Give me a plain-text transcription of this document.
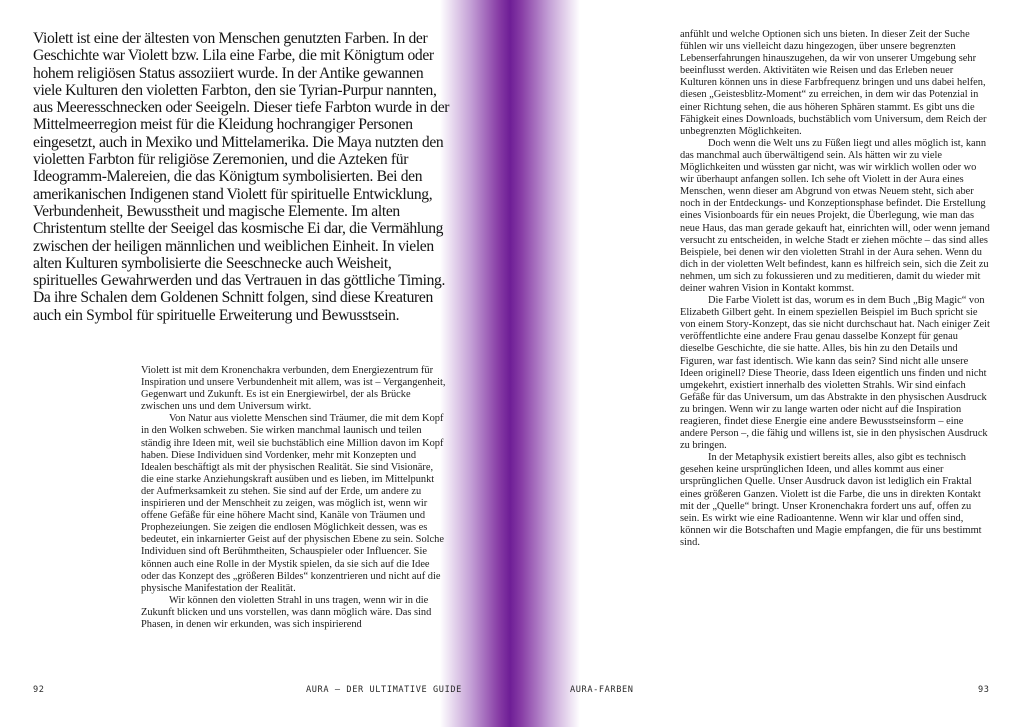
Violett ist eine der ältesten von Menschen genutzten Farben. In der Geschichte war Violett bzw. Lila eine Farbe, die mit Königtum oder hohem religiösen Status assoziiert wurde. In der Antike gewannen viele Kulturen den violetten Farbton, den sie Tyrian-Purpur nannten, aus Meeresschnecken oder Seeigeln. Dieser tiefe Farbton wurde in der Mittelmeerregion meist für die Kleidung hochrangiger Personen eingesetzt, auch in Mexiko und Mittelamerika. Die Maya nutzten den violetten Farbton für religiöse Zeremonien, und die Azteken für Ideogramm-Malereien, die das Königtum symbolisierten. Bei den amerikanischen Indigenen stand Violett für spirituelle Entwicklung, Verbundenheit, Bewusstheit und magische Elemente. Im alten Christentum stellte der Seeigel das kosmische Ei dar, die Vermählung zwischen der heiligen männlichen und weiblichen Einheit. In vielen alten Kulturen symbolisierte die Seeschnecke auch Weisheit, spirituelles Gewahrwerden und das Vertrauen in das göttliche Timing.

Da ihre Schalen dem Goldenen Schnitt folgen, sind diese Kreaturen auch ein Symbol für spirituelle Erweiterung und Bewusstsein.

Violett ist mit dem Kronenchakra verbunden, dem Energiezentrum für Inspiration und unsere Verbundenheit mit allem, was ist – Vergangenheit, Gegenwart und Zukunft. Es ist ein Energiewirbel, der als Brücke zwischen uns und dem Universum wirkt.

Von Natur aus violette Menschen sind Träumer, die mit dem Kopf in den Wolken schweben. Sie wirken manchmal launisch und teilen ständig ihre Ideen mit, weil sie buchstäblich eine Million davon im Kopf haben. Diese Individuen sind Vordenker, mehr mit Konzepten und Idealen beschäftigt als mit der physischen Realität. Sie sind Visionäre, die eine starke Anziehungskraft ausüben und es lieben, im Mittelpunkt der Aufmerksamkeit zu stehen. Sie sind auf der Erde, um andere zu inspirieren und der Menschheit zu zeigen, was möglich ist, wenn wir offene Gefäße für eine höhere Macht sind, Kanäle von Träumen und Prophezeiungen. Sie zeigen die endlosen Möglichkeit dessen, was es bedeutet, ein inkarnierter Geist auf der physischen Ebene zu sein. Solche Individuen sind oft Berühmtheiten, Schauspieler oder Influencer. Sie können auch eine Rolle in der Mystik spielen, da sie sich auf die Idee oder das Konzept des „größeren Bildes“ konzentrieren und nicht auf die physische Manifestation der Realität.

Wir können den violetten Strahl in uns tragen, wenn wir in die Zukunft blicken und uns vorstellen, was dann möglich wäre. Das sind Phasen, in denen wir erkunden, was sich inspirierend

92	AURA – DER ULTIMATIVE GUIDE

anfühlt und welche Optionen sich uns bieten. In dieser Zeit der Suche fühlen wir uns vielleicht dazu hingezogen, über unsere begrenzten Lebenserfahrungen hinauszugehen, da wir von unserer Umgebung sehr beeinflusst werden. Aktivitäten wie Reisen und das Erleben neuer Kulturen können uns in diese Farbfrequenz bringen und uns dabei helfen, diesen „Geistesblitz-Moment“ zu erreichen, in dem wir das Potenzial in einer Richtung sehen, die aus höheren Sphären stammt. Es gibt uns die Fähigkeit eines Downloads, buchstäblich vom Universum, dem Reich der unbegrenzten Möglichkeiten.

Doch wenn die Welt uns zu Füßen liegt und alles möglich ist, kann das manchmal auch überwältigend sein. Als hätten wir zu viele Möglichkeiten und wüssten gar nicht, was wir wirklich wollen oder wo wir überhaupt anfangen sollen. Ich sehe oft Violett in der Aura eines Menschen, wenn dieser am Abgrund von etwas Neuem steht, sich aber noch in der Entdeckungs- und Konzeptionsphase befindet. Die Erstellung eines Visionboards für ein neues Projekt, die Überlegung, wie man das neue Haus, das man gerade gekauft hat, einrichten will, oder wenn jemand versucht zu entscheiden, in welche Stadt er ziehen möchte – das sind alles Beispiele, bei denen wir den violetten Strahl in der Aura sehen. Wenn du dich in der violetten Welt befindest, kann es hilfreich sein, sich die Zeit zu nehmen, um sich zu fokussieren und zu meditieren, damit du wieder mit deiner wahren Vision in Kontakt kommst.

Die Farbe Violett ist das, worum es in dem Buch „Big Magic“ von Elizabeth Gilbert geht. In einem speziellen Beispiel im Buch spricht sie von einem Story-Konzept, das sie nicht durchschaut hat. Nach einiger Zeit veröffentlichte eine andere Frau genau dasselbe Konzept für genau dieselbe Geschichte, die sie hatte. Alles, bis hin zu den Details und Figuren, war fast identisch. Wie kann das sein? Sind nicht alle unsere Ideen originell? Diese Theorie, dass Ideen eigentlich uns finden und nicht umgekehrt, existiert innerhalb des violetten Strahls. Wir sind einfach Gefäße für das Universum, um das Abstrakte in den physischen Ausdruck zu bringen. Wenn wir zu lange warten oder nicht auf die Inspiration reagieren, findet diese Energie eine andere Bewusstseinsform – eine andere Person –, die fähig und willens ist, sie in den physischen Ausdruck zu bringen.

In der Metaphysik existiert bereits alles, also gibt es technisch gesehen keine ursprünglichen Ideen, und alles kommt aus einer ursprünglichen Quelle. Unser Ausdruck davon ist lediglich ein Fraktal eines größeren Ganzen. Violett ist die Farbe, die uns in direkten Kontakt mit der „Quelle“ bringt. Unser Kronenchakra fordert uns auf, offen zu sein. Es wirkt wie eine Radioantenne. Wenn wir klar und offen sind, können wir die Botschaften und Magie empfangen, die für uns bestimmt sind.

AURA-FARBEN	93
